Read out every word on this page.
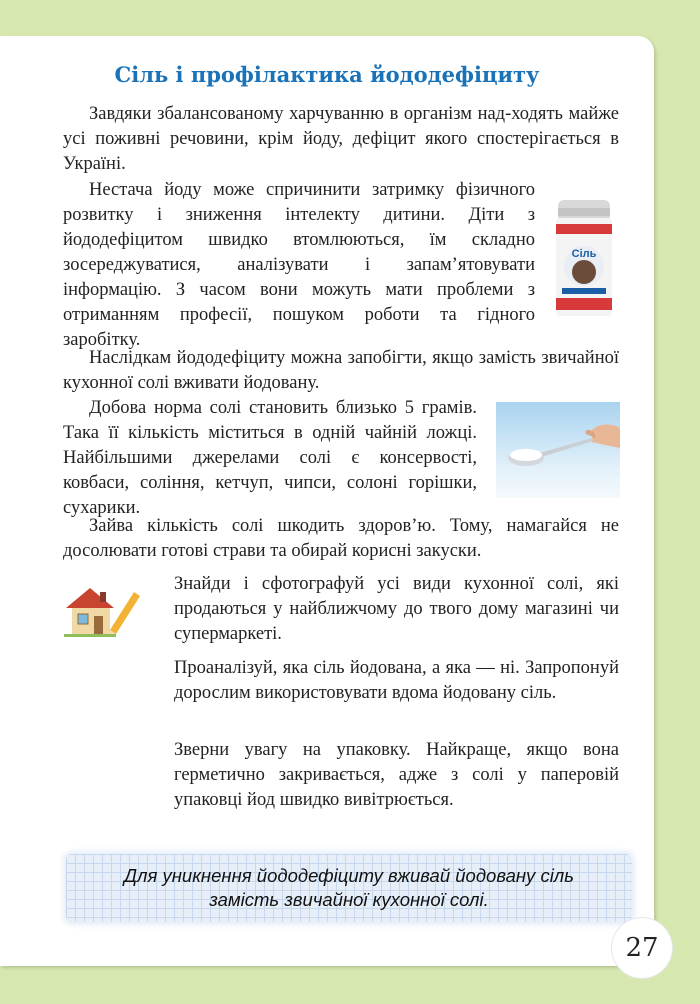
Сіль і профілактика йододефіциту

Завдяки збалансованому харчуванню в організм над-ходять майже усі поживні речовини, крім йоду, дефіцит якого спостерігається в Україні.

Нестача йоду може спричинити затримку фізичного розвитку і зниження інтелекту дитини. Діти з йододефіцитом швидко втомлюються, їм складно зосереджуватися, аналізувати і запам’ятовувати інформацію. З часом вони можуть мати проблеми з отриманням професії, пошуком роботи та гідного заробітку.

Сіль

Наслідкам йододефіциту можна запобігти, якщо замість звичайної кухонної солі вживати йодовану.

Добова норма солі становить близько 5 грамів. Така її кількість міститься в одній чайній ложці. Найбільшими джерелами солі є консервості, ковбаси, соління, кетчуп, чипси, солоні горішки, сухарики.

Зайва кількість солі шкодить здоров’ю. Тому, намагайся не досолювати готові страви та обирай корисні закуски.

Знайди і сфотографуй усі види кухонної солі, які продаються у найближчому до твого дому магазині чи супермаркеті.

Проаналізуй, яка сіль йодована, а яка — ні. Запропонуй дорослим використовувати вдома йодовану сіль.

Зверни увагу на упаковку. Найкраще, якщо вона герметично закривається, адже з солі у паперовій упаковці йод швидко вивітрюється.

Для уникнення йододефіциту вживай йодовану сіль
замість звичайної кухонної солі.

27
